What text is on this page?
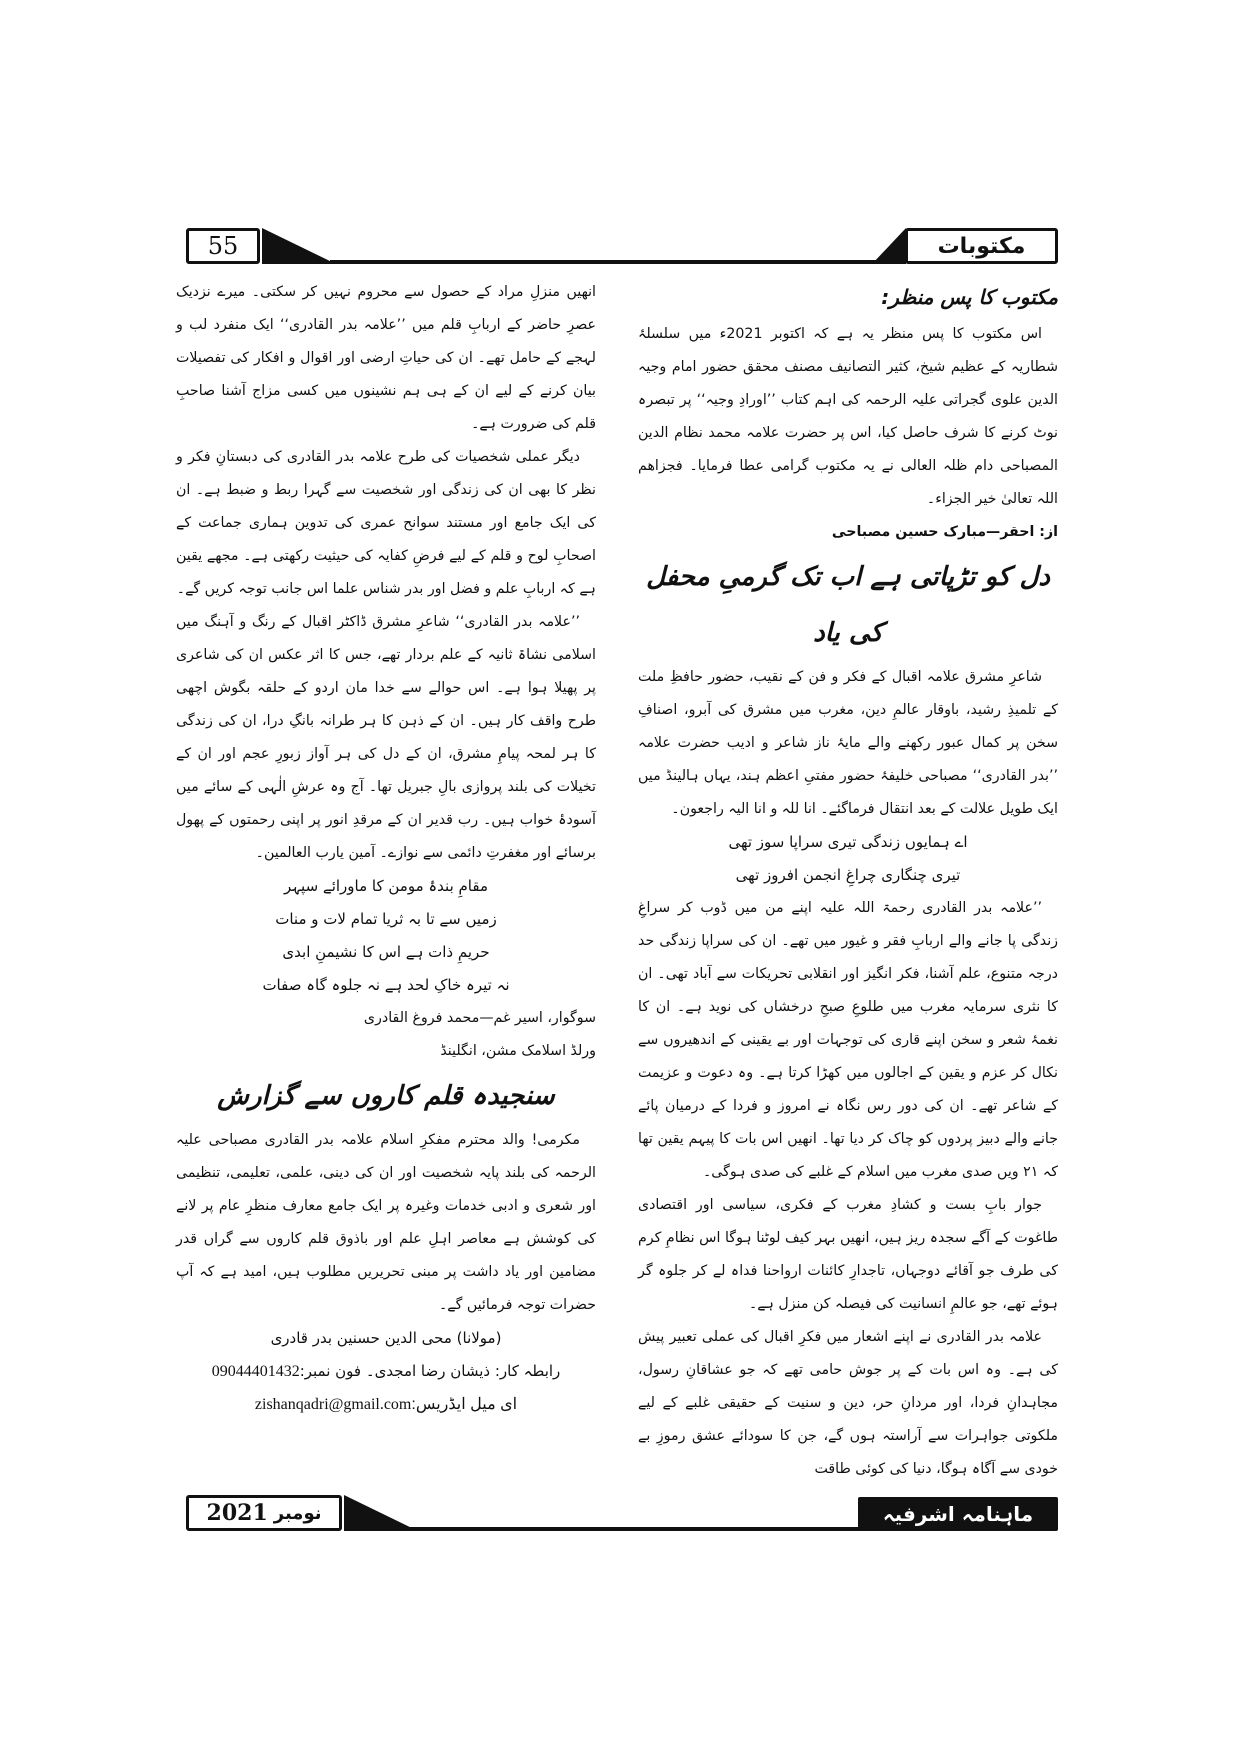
55	مکتوبات

مکتوب کا پس منظر:

اس مکتوب کا پس منظر یہ ہے کہ اکتوبر 2021ء میں سلسلۂ شطاریہ کے عظیم شیخ، کثیر التصانیف مصنف محقق حضور امام وجیہ الدین علوی گجراتی علیہ الرحمہ کی اہم کتاب ’’اورادِ وجیہ‘‘ پر تبصرہ نوٹ کرنے کا شرف حاصل کیا، اس پر حضرت علامہ محمد نظام الدین المصباحی دام ظلہ العالی نے یہ مکتوب گرامی عطا فرمایا۔ فجزاھم اللہ تعالیٰ خیر الجزاء۔

از: احقر—مبارک حسین مصباحی

دل کو تڑپاتی ہے اب تک گرمیِ محفل کی یاد

شاعرِ مشرق علامہ اقبال کے فکر و فن کے نقیب، حضور حافظِ ملت کے تلمیذِ رشید، باوقار عالمِ دین، مغرب میں مشرق کی آبرو، اصنافِ سخن پر کمال عبور رکھنے والے مایۂ ناز شاعر و ادیب حضرت علامہ ’’بدر القادری‘‘ مصباحی خلیفۂ حضور مفتیِ اعظم ہند، یہاں ہالینڈ میں ایک طویل علالت کے بعد انتقال فرماگئے۔ انا للہ و انا الیہ راجعون۔

اے ہمایوں زندگی تیری سراپا سوز تھی

تیری چنگاری چراغِ انجمن افروز تھی

’’علامہ بدر القادری رحمۃ اللہ علیہ اپنے من میں ڈوب کر سراغِ زندگی پا جانے والے اربابِ فقر و غیور میں تھے۔ ان کی سراپا زندگی حد درجہ متنوع، علم آشنا، فکر انگیز اور انقلابی تحریکات سے آباد تھی۔ ان کا نثری سرمایہ مغرب میں طلوعِ صبحِ درخشاں کی نوید ہے۔ ان کا نغمۂ شعر و سخن اپنے قاری کی توجہات اور بے یقینی کے اندھیروں سے نکال کر عزم و یقین کے اجالوں میں کھڑا کرتا ہے۔ وہ دعوت و عزیمت کے شاعر تھے۔ ان کی دور رس نگاہ نے امروز و فردا کے درمیان پائے جانے والے دبیز پردوں کو چاک کر دیا تھا۔ انھیں اس بات کا پیہم یقین تھا کہ ۲۱ ویں صدی مغرب میں اسلام کے غلبے کی صدی ہوگی۔

جوار بابِ بست و کشادِ مغرب کے فکری، سیاسی اور اقتصادی طاغوت کے آگے سجدہ ریز ہیں، انھیں بہر کیف لوٹنا ہوگا اس نظامِ کرم کی طرف جو آقائے دوجہاں، تاجدارِ کائنات ارواحنا فداہ لے کر جلوہ گر ہوئے تھے، جو عالمِ انسانیت کی فیصلہ کن منزل ہے۔

علامہ بدر القادری نے اپنے اشعار میں فکرِ اقبال کی عملی تعبیر پیش کی ہے۔ وہ اس بات کے پر جوش حامی تھے کہ جو عشاقانِ رسول، مجاہدانِ فردا، اور مردانِ حر، دین و سنیت کے حقیقی غلبے کے لیے ملکوتی جواہرات سے آراستہ ہوں گے، جن کا سودائے عشق رموزِ بے خودی سے آگاہ ہوگا، دنیا کی کوئی طاقت

انھیں منزلِ مراد کے حصول سے محروم نہیں کر سکتی۔ میرے نزدیک عصرِ حاضر کے اربابِ قلم میں ’’علامہ بدر القادری‘‘ ایک منفرد لب و لہجے کے حامل تھے۔ ان کی حیاتِ ارضی اور اقوال و افکار کی تفصیلات بیان کرنے کے لیے ان کے ہی ہم نشینوں میں کسی مزاج آشنا صاحبِ قلم کی ضرورت ہے۔

دیگر عملی شخصیات کی طرح علامہ بدر القادری کی دبستانِ فکر و نظر کا بھی ان کی زندگی اور شخصیت سے گہرا ربط و ضبط ہے۔ ان کی ایک جامع اور مستند سوانح عمری کی تدوین ہماری جماعت کے اصحابِ لوح و قلم کے لیے فرضِ کفایہ کی حیثیت رکھتی ہے۔ مجھے یقین ہے کہ اربابِ علم و فضل اور بدر شناس علما اس جانب توجہ کریں گے۔

’’علامہ بدر القادری‘‘ شاعرِ مشرق ڈاکٹر اقبال کے رنگ و آہنگ میں اسلامی نشاۃ ثانیہ کے علم بردار تھے، جس کا اثر عکس ان کی شاعری پر پھیلا ہوا ہے۔ اس حوالے سے خدا مان اردو کے حلقہ بگوش اچھی طرح واقف کار ہیں۔ ان کے ذہن کا ہر طرانہ بانگِ درا، ان کی زندگی کا ہر لمحہ پیامِ مشرق، ان کے دل کی ہر آواز زبورِ عجم اور ان کے تخیلات کی بلند پروازی بالِ جبریل تھا۔ آج وہ عرشِ الٰہی کے سائے میں آسودۂ خواب ہیں۔ رب قدیر ان کے مرقدِ انور پر اپنی رحمتوں کے پھول برسائے اور مغفرتِ دائمی سے نوازے۔ آمین یارب العالمین۔

مقامِ بندۂ مومن کا ماورائے سپہر

زمیں سے تا بہ ثریا تمام لات و منات

حریمِ ذات ہے اس کا نشیمنِ ابدی

نہ تیرہ خاکِ لحد ہے نہ جلوہ گاہ صفات

سوگوار، اسیر غم—محمد فروغ القادری

ورلڈ اسلامک مشن، انگلینڈ

سنجیدہ قلم کاروں سے گزارش

مکرمی! والد محترم مفکرِ اسلام علامہ بدر القادری مصباحی علیہ الرحمہ کی بلند پایہ شخصیت اور ان کی دینی، علمی، تعلیمی، تنظیمی اور شعری و ادبی خدمات وغیرہ پر ایک جامع معارف منظرِ عام پر لانے کی کوشش ہے معاصر اہلِ علم اور باذوق قلم کاروں سے گراں قدر مضامین اور یاد داشت پر مبنی تحریریں مطلوب ہیں، امید ہے کہ آپ حضرات توجہ فرمائیں گے۔

(مولانا) محی الدین حسنین بدر قادری

رابطہ کار: ذیشان رضا امجدی۔ فون نمبر:09044401432

ای میل ایڈریس:zishanqadri@gmail.com

نومبر
2021	ماہنامہ اشرفیہ
